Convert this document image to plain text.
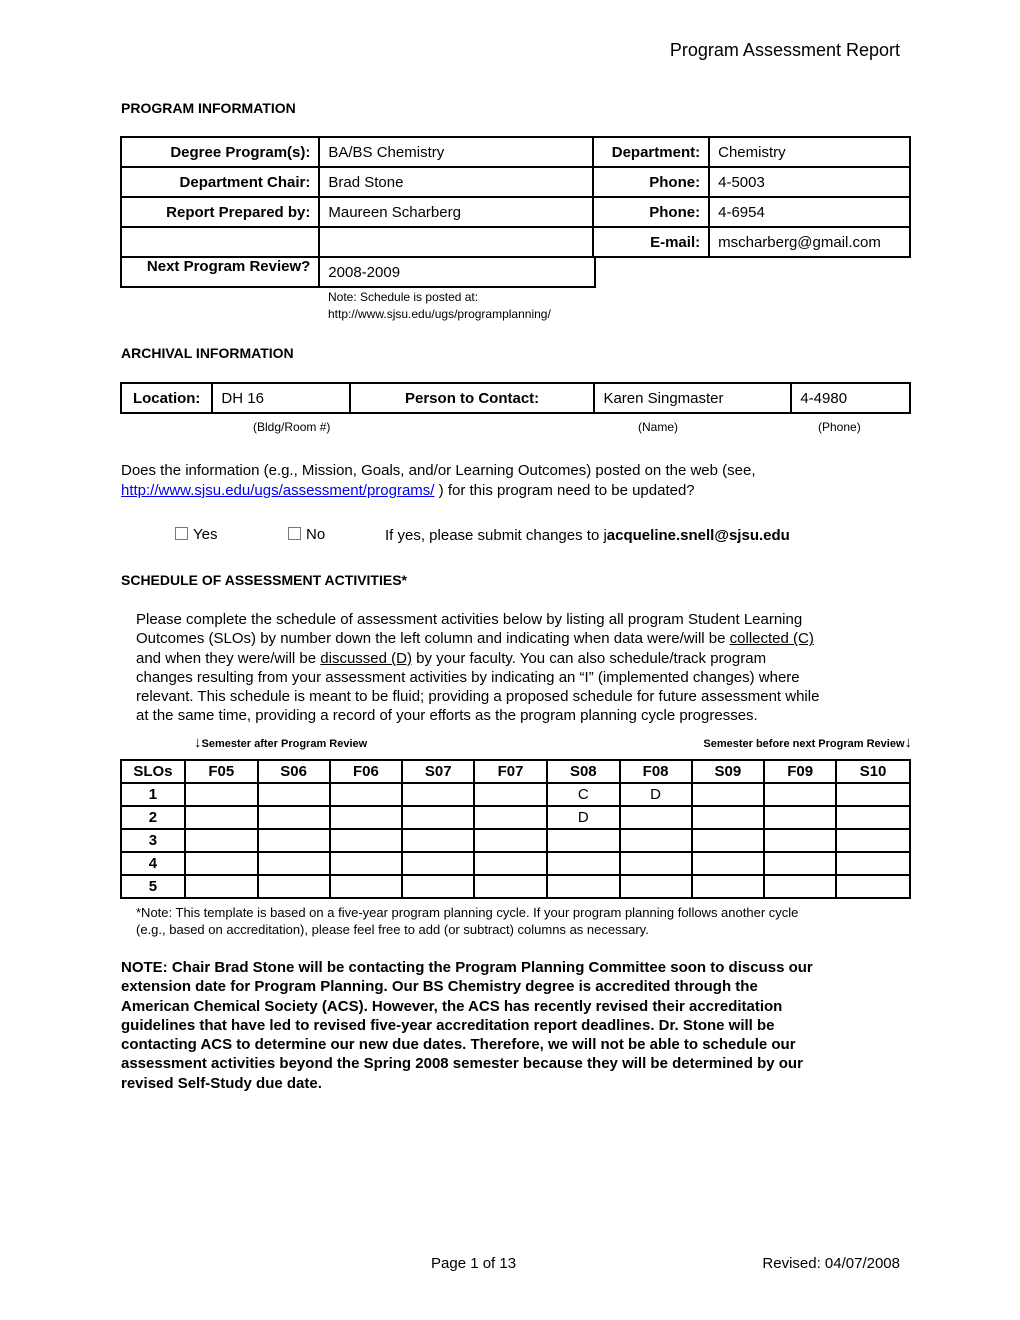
Program Assessment Report
PROGRAM INFORMATION
Degree Program(s):	BA/BS Chemistry	Department:	Chemistry
Department Chair:	Brad Stone	Phone:	4-5003
Report Prepared by:	Maureen Scharberg	Phone:	4-6954
		E-mail:	mscharberg@gmail.com
Next Program Review?	2008-2009
Note: Schedule is posted at:
http://www.sjsu.edu/ugs/programplanning/
ARCHIVAL INFORMATION
Location:	DH 16	Person to Contact:	Karen Singmaster	4-4980
(Bldg/Room #)	(Name)	(Phone)
Does the information (e.g., Mission, Goals, and/or Learning Outcomes) posted on the web (see,
http://www.sjsu.edu/ugs/assessment/programs/ ) for this program need to be updated?
Yes	No	If yes, please submit changes to jacqueline.snell@sjsu.edu
SCHEDULE OF ASSESSMENT ACTIVITIES*
Please complete the schedule of assessment activities below by listing all program Student Learning
Outcomes (SLOs) by number down the left column and indicating when data were/will be collected (C)
and when they were/will be discussed (D) by your faculty. You can also schedule/track program
changes resulting from your assessment activities by indicating an “I” (implemented changes) where
relevant. This schedule is meant to be fluid; providing a proposed schedule for future assessment while
at the same time, providing a record of your efforts as the program planning cycle progresses.
↓Semester after Program Review	Semester before next Program Review↓
SLOs	F05	S06	F06	S07	F07	S08	F08	S09	F09	S10
1						C	D			
2						D				
3										
4										
5										
*Note: This template is based on a five-year program planning cycle. If your program planning follows another cycle
(e.g., based on accreditation), please feel free to add (or subtract) columns as necessary.
NOTE: Chair Brad Stone will be contacting the Program Planning Committee soon to discuss our
extension date for Program Planning. Our BS Chemistry degree is accredited through the
American Chemical Society (ACS). However, the ACS has recently revised their accreditation
guidelines that have led to revised five-year accreditation report deadlines. Dr. Stone will be
contacting ACS to determine our new due dates. Therefore, we will not be able to schedule our
assessment activities beyond the Spring 2008 semester because they will be determined by our
revised Self-Study due date.
Page 1 of 13	Revised: 04/07/2008
